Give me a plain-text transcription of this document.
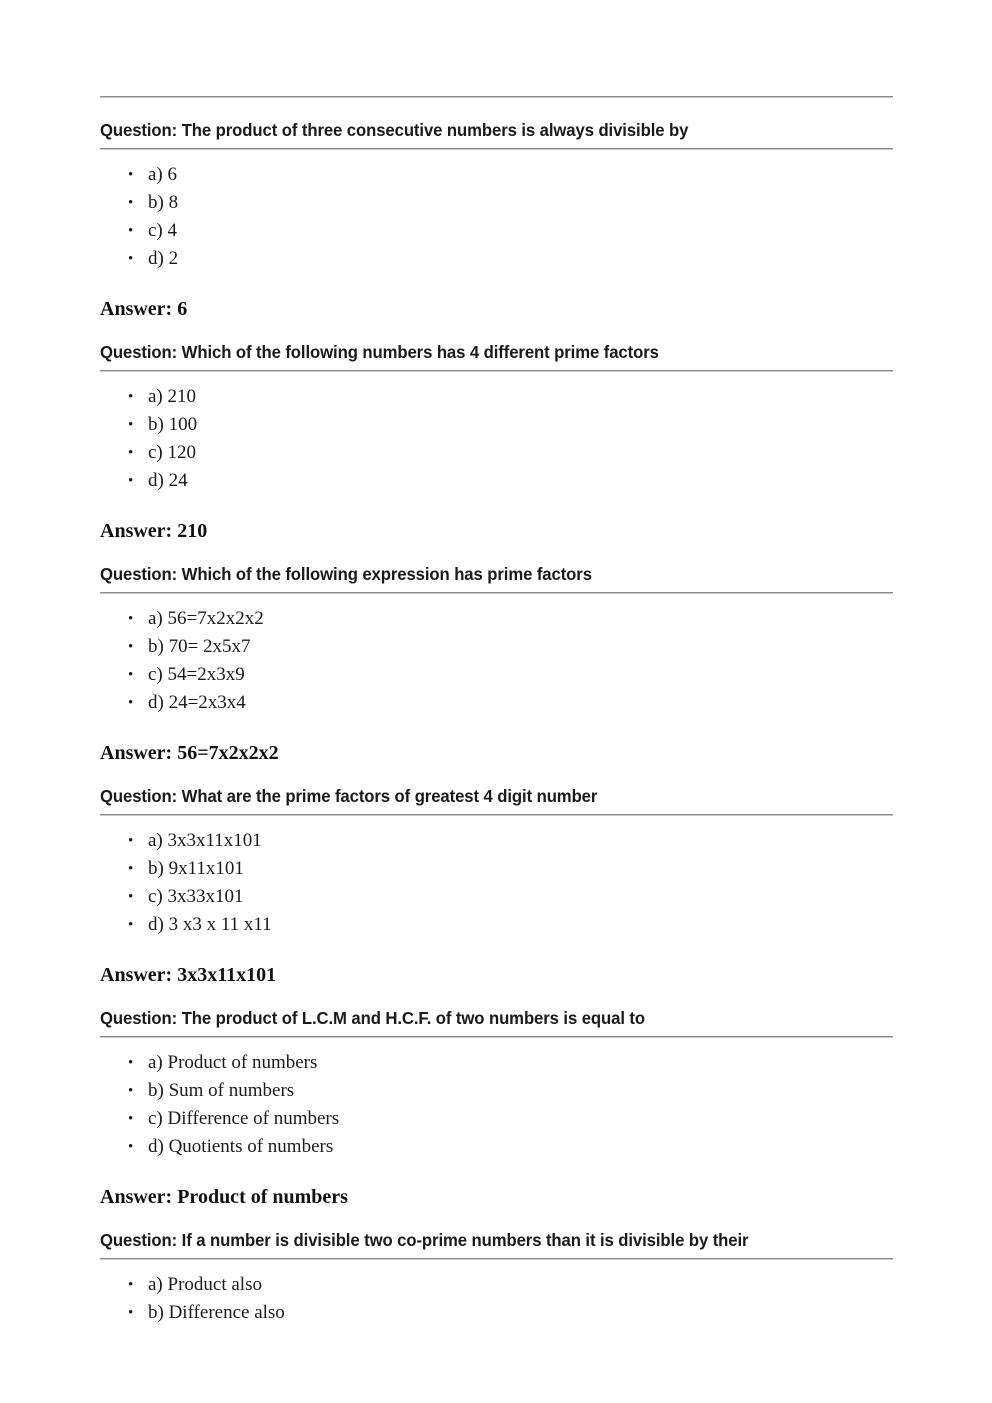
Question: The product of three consecutive numbers is always divisible by
• a) 6
• b) 8
• c) 4
• d) 2
Answer: 6
Question: Which of the following numbers has 4 different prime factors
• a) 210
• b) 100
• c) 120
• d) 24
Answer: 210
Question: Which of the following expression has prime factors
• a) 56=7x2x2x2
• b) 70= 2x5x7
• c) 54=2x3x9
• d) 24=2x3x4
Answer: 56=7x2x2x2
Question: What are the prime factors of greatest 4 digit number
• a) 3x3x11x101
• b) 9x11x101
• c) 3x33x101
• d) 3 x3 x 11 x11
Answer: 3x3x11x101
Question: The product of L.C.M and H.C.F. of two numbers is equal to
• a) Product of numbers
• b) Sum of numbers
• c) Difference of numbers
• d) Quotients of numbers
Answer: Product of numbers
Question: If a number is divisible two co-prime numbers than it is divisible by their
• a) Product also
• b) Difference also
